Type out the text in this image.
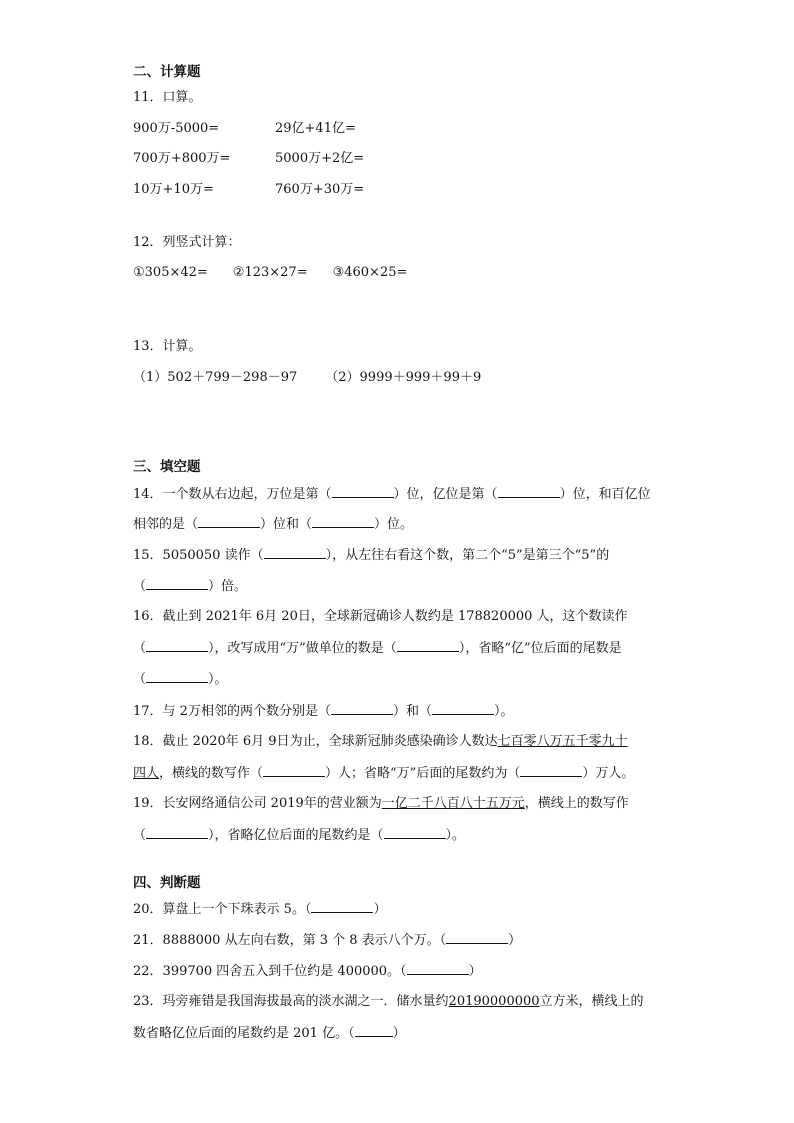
二、计算题
11．口算。
900万-5000=	29亿+41亿=
700万+800万=	5000万+2亿=
10万+10万=	760万+30万=
12．列竖式计算：
①305×42= ②123×27= ③460×25=
13．计算。
（1）502＋799－298－97 （2）9999＋999＋99＋9
三、填空题
14．一个数从右边起，万位是第（	）位，亿位是第（	）位，和百亿位
相邻的是（	）位和（	）位。
15．5050050 读作（	），从左往右看这个数，第二个“5”是第三个“5”的
（	）倍。
16．截止到 2021年 6月 20日，全球新冠确诊人数约是 178820000 人，这个数读作
（	），改写成用“万”做单位的数是（	），省略“亿”位后面的尾数是
（	）。
17．与 2万相邻的两个数分别是（	）和（	）。
18．截止 2020年 6月 9日为止，全球新冠肺炎感染确诊人数达七百零八万五千零九十
四人，横线的数写作（	）人；省略“万”后面的尾数约为（	）万人。
19．长安网络通信公司 2019年的营业额为一亿二千八百八十五万元，横线上的数写作
（	），省略亿位后面的尾数约是（	）。
四、判断题
20．算盘上一个下珠表示 5。（	）
21．8888000 从左向右数，第 3 个 8 表示八个万。（	）
22．399700 四舍五入到千位约是 400000。（	）
23．玛旁雍错是我国海拔最高的淡水湖之一．储水量约20190000000立方米，横线上的
数省略亿位后面的尾数约是 201 亿。（	）
